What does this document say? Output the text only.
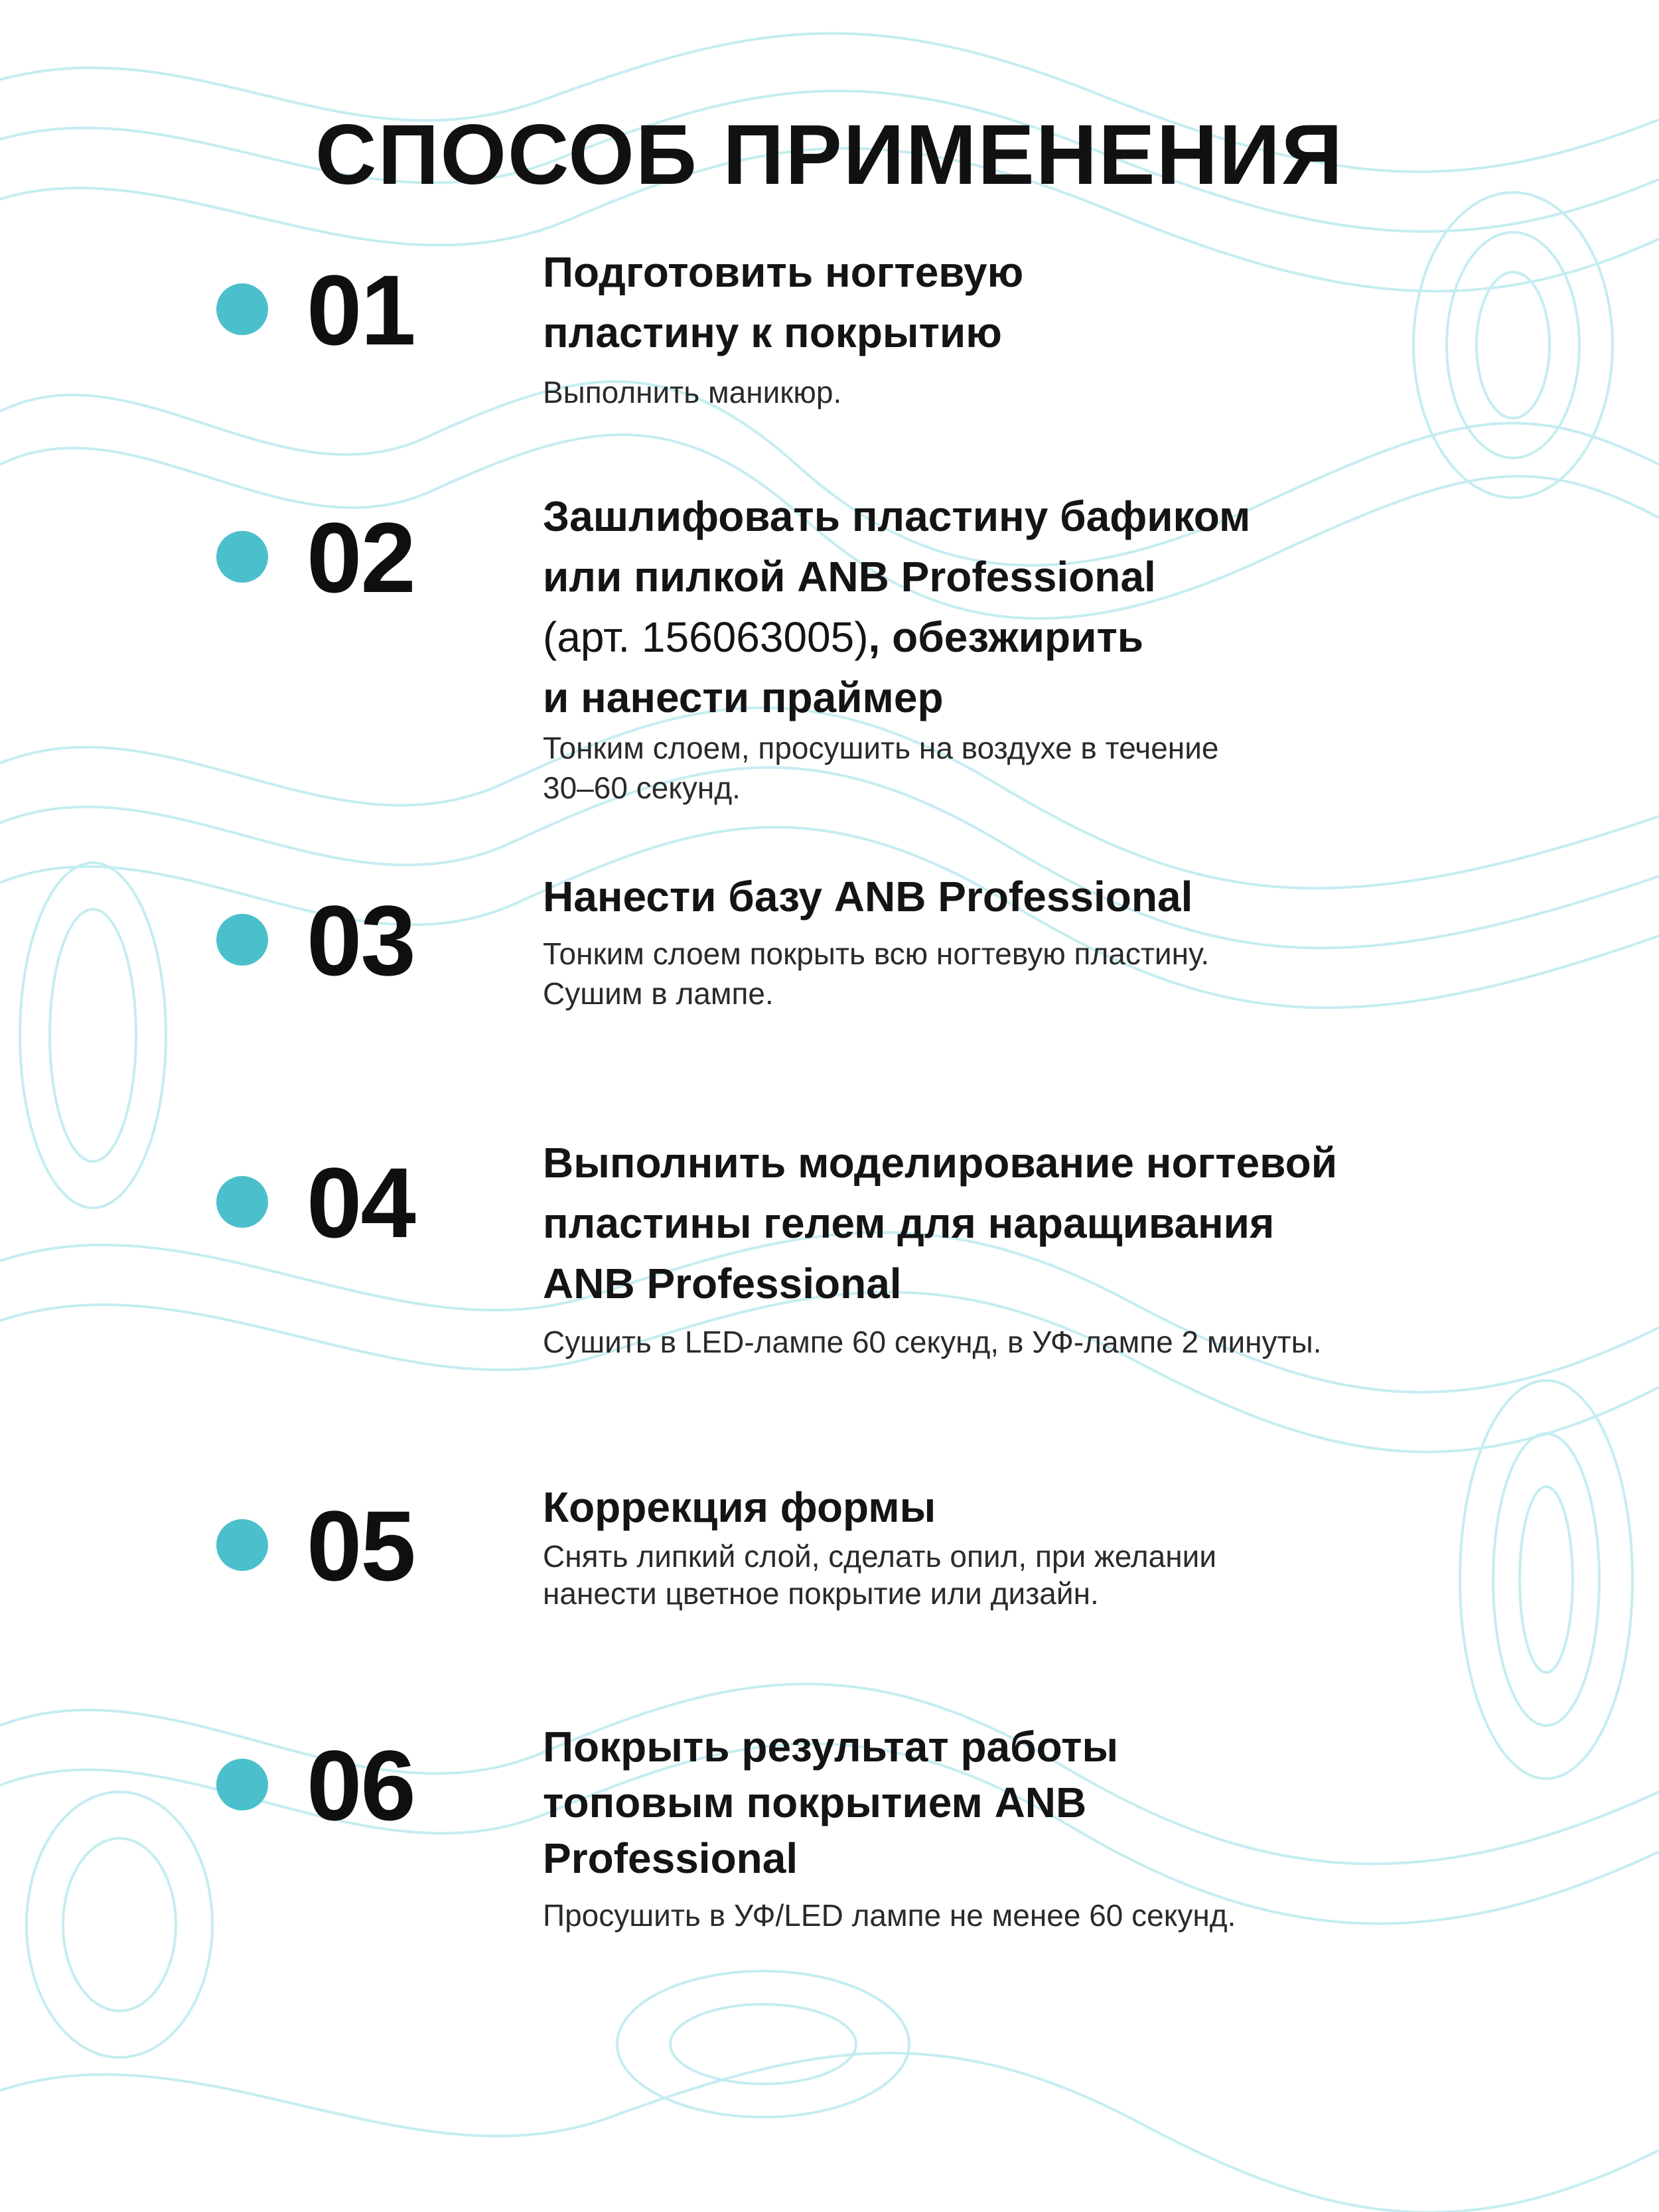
СПОСОБ ПРИМЕНЕНИЯ
01	Подготовить ногтевую
пластину к покрытию

Выполнить маникюр.

02	Зашлифовать пластину бафиком
или пилкой ANB Professional
(арт. 156063005), обезжирить
и нанести праймер

Тонким слоем, просушить на воздухе в течение
30–60 секунд.

03	Нанести базу ANB Professional

Тонким слоем покрыть всю ногтевую пластину.
Сушим в лампе.

04	Выполнить моделирование ногтевой
пластины гелем для наращивания
ANB Professional

Сушить в LED-лампе 60 секунд, в УФ-лампе 2 минуты.

05	Коррекция формы

Снять липкий слой, сделать опил, при желании
нанести цветное покрытие или дизайн.

06	Покрыть результат работы
топовым покрытием ANB
Professional

Просушить в УФ/LED лампе не менее 60 секунд.
